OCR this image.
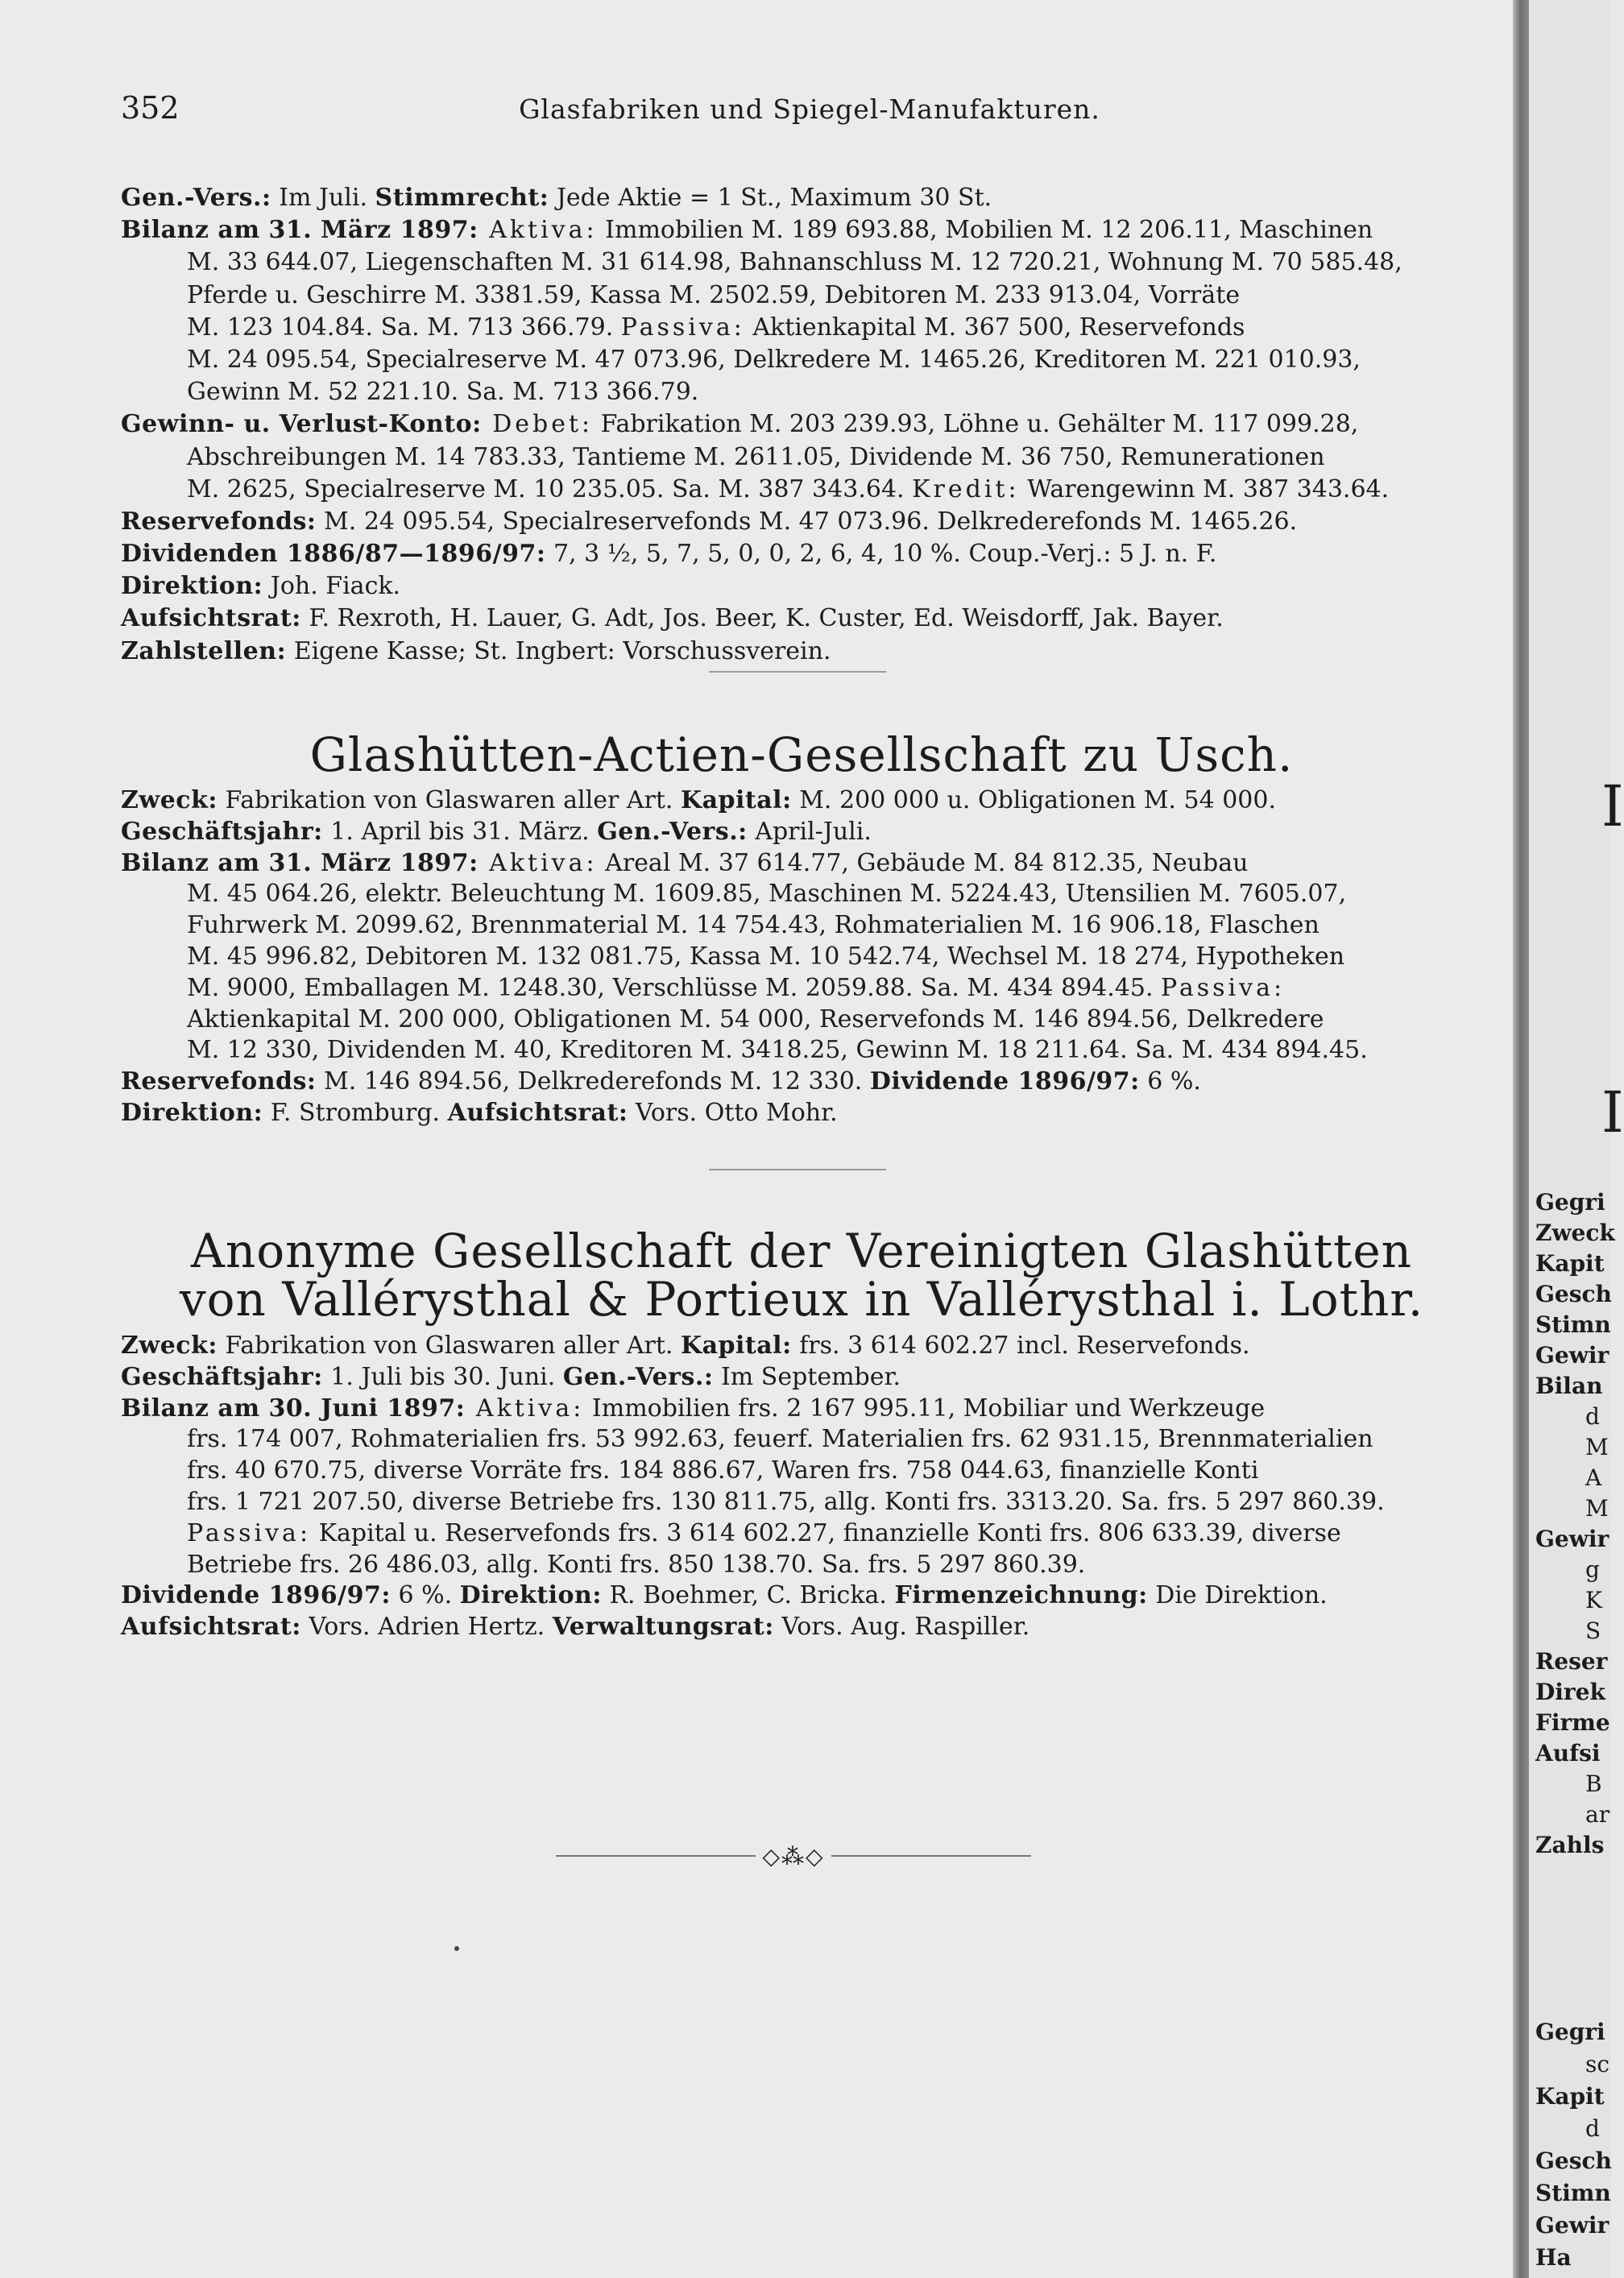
352	Glasfabriken und Spiegel-Manufakturen.
Gen.-Vers.: Im Juli. Stimmrecht: Jede Aktie = 1 St., Maximum 30 St.
Bilanz am 31. März 1897: Aktiva: Immobilien M. 189 693.88, Mobilien M. 12 206.11, Maschinen
M. 33 644.07, Liegenschaften M. 31 614.98, Bahnanschluss M. 12 720.21, Wohnung M. 70 585.48,
Pferde u. Geschirre M. 3381.59, Kassa M. 2502.59, Debitoren M. 233 913.04, Vorräte
M. 123 104.84. Sa. M. 713 366.79. Passiva: Aktienkapital M. 367 500, Reservefonds
M. 24 095.54, Specialreserve M. 47 073.96, Delkredere M. 1465.26, Kreditoren M. 221 010.93,
Gewinn M. 52 221.10. Sa. M. 713 366.79.
Gewinn- u. Verlust-Konto: Debet: Fabrikation M. 203 239.93, Löhne u. Gehälter M. 117 099.28,
Abschreibungen M. 14 783.33, Tantieme M. 2611.05, Dividende M. 36 750, Remunerationen
M. 2625, Specialreserve M. 10 235.05. Sa. M. 387 343.64. Kredit: Warengewinn M. 387 343.64.
Reservefonds: M. 24 095.54, Specialreservefonds M. 47 073.96. Delkrederefonds M. 1465.26.
Dividenden 1886/87—1896/97: 7, 3 ½, 5, 7, 5, 0, 0, 2, 6, 4, 10 %. Coup.-Verj.: 5 J. n. F.
Direktion: Joh. Fiack.
Aufsichtsrat: F. Rexroth, H. Lauer, G. Adt, Jos. Beer, K. Custer, Ed. Weisdorff, Jak. Bayer.
Zahlstellen: Eigene Kasse; St. Ingbert: Vorschussverein.
Glashütten-Actien-Gesellschaft zu Usch.
Zweck: Fabrikation von Glaswaren aller Art. Kapital: M. 200 000 u. Obligationen M. 54 000.
Geschäftsjahr: 1. April bis 31. März. Gen.-Vers.: April-Juli.
Bilanz am 31. März 1897: Aktiva: Areal M. 37 614.77, Gebäude M. 84 812.35, Neubau
M. 45 064.26, elektr. Beleuchtung M. 1609.85, Maschinen M. 5224.43, Utensilien M. 7605.07,
Fuhrwerk M. 2099.62, Brennmaterial M. 14 754.43, Rohmaterialien M. 16 906.18, Flaschen
M. 45 996.82, Debitoren M. 132 081.75, Kassa M. 10 542.74, Wechsel M. 18 274, Hypotheken
M. 9000, Emballagen M. 1248.30, Verschlüsse M. 2059.88. Sa. M. 434 894.45. Passiva:
Aktienkapital M. 200 000, Obligationen M. 54 000, Reservefonds M. 146 894.56, Delkredere
M. 12 330, Dividenden M. 40, Kreditoren M. 3418.25, Gewinn M. 18 211.64. Sa. M. 434 894.45.
Reservefonds: M. 146 894.56, Delkrederefonds M. 12 330. Dividende 1896/97: 6 %.
Direktion: F. Stromburg. Aufsichtsrat: Vors. Otto Mohr.
Anonyme Gesellschaft der Vereinigten Glashütten
von Vallérysthal & Portieux in Vallérysthal i. Lothr.
Zweck: Fabrikation von Glaswaren aller Art. Kapital: frs. 3 614 602.27 incl. Reservefonds.
Geschäftsjahr: 1. Juli bis 30. Juni. Gen.-Vers.: Im September.
Bilanz am 30. Juni 1897: Aktiva: Immobilien frs. 2 167 995.11, Mobiliar und Werkzeuge
frs. 174 007, Rohmaterialien frs. 53 992.63, feuerf. Materialien frs. 62 931.15, Brennmaterialien
frs. 40 670.75, diverse Vorräte frs. 184 886.67, Waren frs. 758 044.63, finanzielle Konti
frs. 1 721 207.50, diverse Betriebe frs. 130 811.75, allg. Konti frs. 3313.20. Sa. frs. 5 297 860.39.
Passiva: Kapital u. Reservefonds frs. 3 614 602.27, finanzielle Konti frs. 806 633.39, diverse
Betriebe frs. 26 486.03, allg. Konti frs. 850 138.70. Sa. frs. 5 297 860.39.
Dividende 1896/97: 6 %. Direktion: R. Boehmer, C. Bricka. Firmenzeichnung: Die Direktion.
Aufsichtsrat: Vors. Adrien Hertz. Verwaltungsrat: Vors. Aug. Raspiller.
◇⁂◇
I
I
Gegri
Zweck
Kapit
Gesch
Stimn
Gewir
Bilan
d
M
A
M
Gewir
g
K
S
Reser
Direk
Firme
Aufsi
B
ar
Zahls
Gegri
sc
Kapit
d
Gesch
Stimn
Gewir
Ha
